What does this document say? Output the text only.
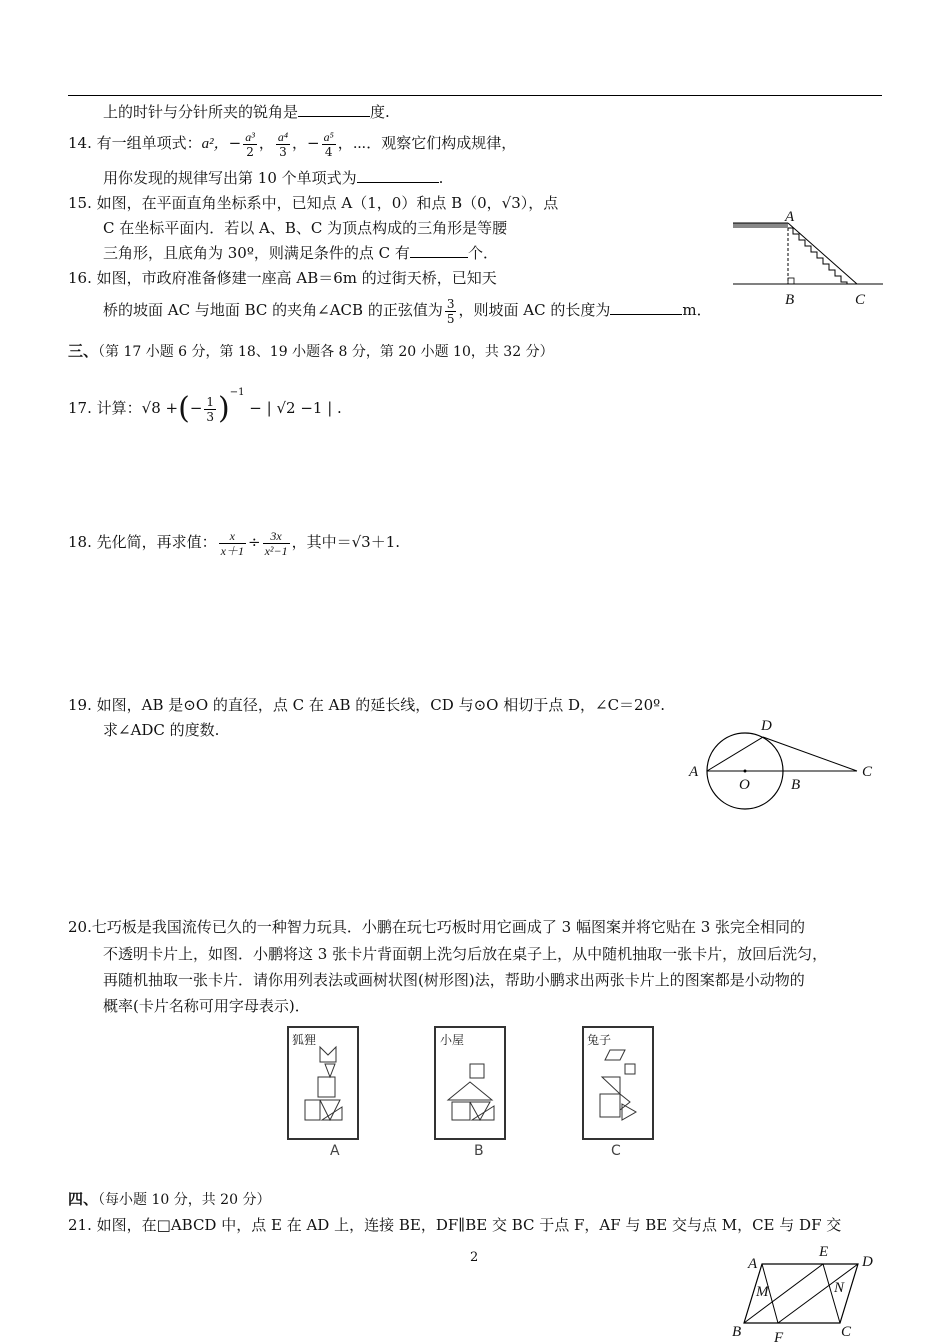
上的时针与分针所夹的锐角是	度.
14. 有一组单项式：a²，− $\frac{\text{a³}}{2}$ ， $\frac{\text{a⁴}}{3}$ ，− $\frac{\text{a⁵}}{4}$ ，⋯．观察它们构成规律，
用你发现的规律写出第 10 个单项式为	.
15. 如图，在平面直角坐标系中，已知点 A（1，0）和点 B（0，√3），点
C 在坐标平面内．若以 A、B、C 为顶点构成的三角形是等腰
三角形，且底角为 30º，则满足条件的点 C 有	个．
16. 如图，市政府准备修建一座高 AB＝6m 的过街天桥，已知天
桥的坡面 AC 与地面 BC 的夹角∠ACB 的正弦值为 $\frac{3}{5}$ ，则坡面 AC 的长度为	m．
A
B	C
三、（第 17 小题 6 分，第 18、19 小题各 8 分，第 20 小题 10，共 32 分）
17. 计算：√8 +(− $\frac{1}{3} )^{-1}$ − | √2 −1 | .
18. 先化简，再求值： $\frac{x}{x+1} \div \frac{3x}{\text{x²−1}}$ ，其中＝√3＋1.
19. 如图，AB 是⊙O 的直径，点 C 在 AB 的延长线，CD 与⊙O 相切于点 D，∠C＝20º.
求∠ADC 的度数.
A
O	B
C
D
20.七巧板是我国流传已久的一种智力玩具．小鹏在玩七巧板时用它画成了 3 幅图案并将它贴在 3 张完全相同的
不透明卡片上，如图．小鹏将这 3 张卡片背面朝上洗匀后放在桌子上，从中随机抽取一张卡片，放回后洗匀，
再随机抽取一张卡片．请你用列表法或画树状图(树形图)法，帮助小鹏求出两张卡片上的图案都是小动物的
概率(卡片名称可用字母表示)．
狐狸
A
小屋
B
兔子
C
四、（每小题 10 分，共 20 分）
21. 如图，在□ABCD 中，点 E 在 AD 上，连接 BE，DF∥BE 交 BC 于点 F，AF 与 BE 交与点 M，CE 与 DF 交
2	A
E
D
M	N
B F	C
